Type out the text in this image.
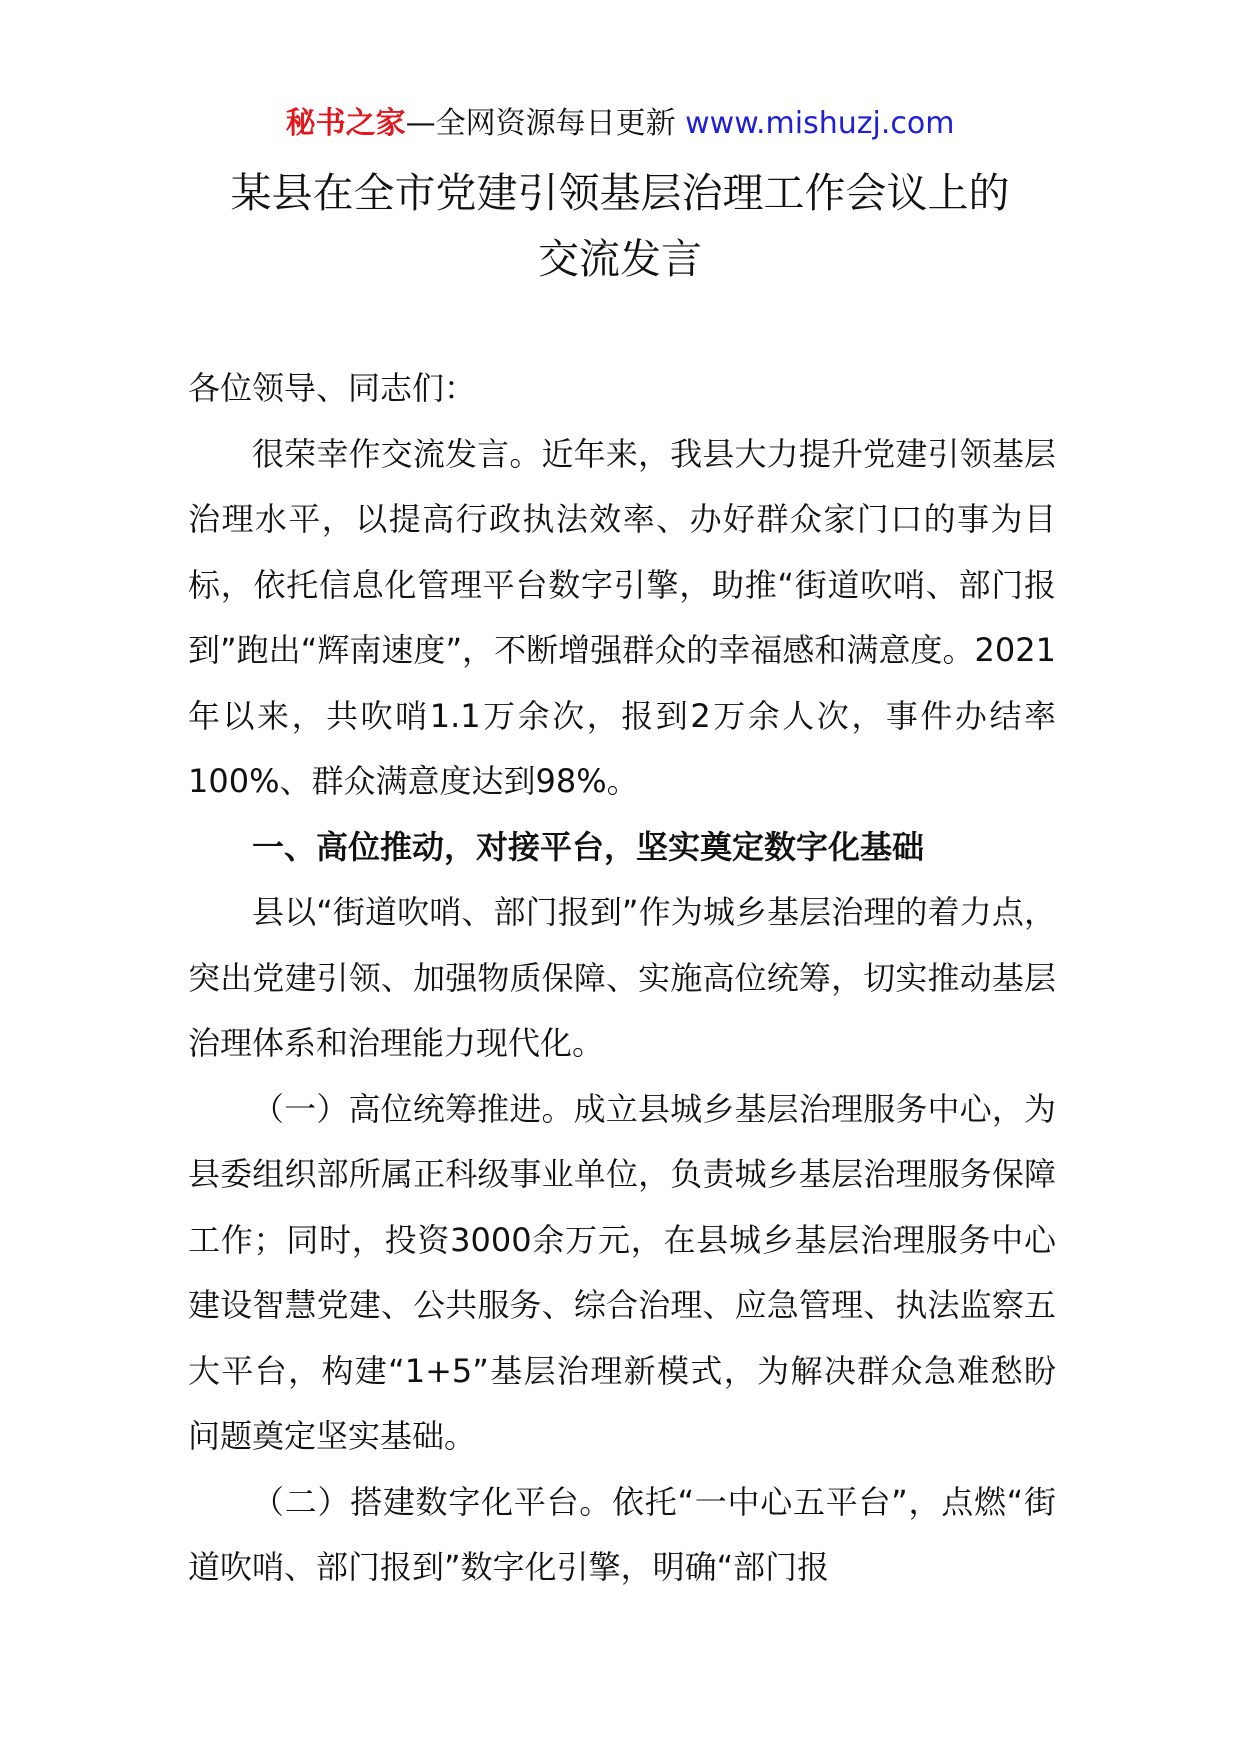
秘书之家—全网资源每日更新 www.mishuzj.com
某县在全市党建引领基层治理工作会议上的
交流发言

各位领导、同志们：

很荣幸作交流发言。近年来，我县大力提升党建引领基层治理水平，以提高行政执法效率、办好群众家门口的事为目标，依托信息化管理平台数字引擎，助推“街道吹哨、部门报到”跑出“辉南速度”，不断增强群众的幸福感和满意度。2021年以来，共吹哨1.1万余次，报到2万余人次，事件办结率100%、群众满意度达到98%。

一、高位推动，对接平台，坚实奠定数字化基础

县以“街道吹哨、部门报到”作为城乡基层治理的着力点，突出党建引领、加强物质保障、实施高位统筹，切实推动基层治理体系和治理能力现代化。

（一）高位统筹推进。成立县城乡基层治理服务中心，为县委组织部所属正科级事业单位，负责城乡基层治理服务保障工作；同时，投资3000余万元，在县城乡基层治理服务中心建设智慧党建、公共服务、综合治理、应急管理、执法监察五大平台，构建“1+5”基层治理新模式，为解决群众急难愁盼问题奠定坚实基础。

（二）搭建数字化平台。依托“一中心五平台”，点燃“街道吹哨、部门报到”数字化引擎，明确“部门报
